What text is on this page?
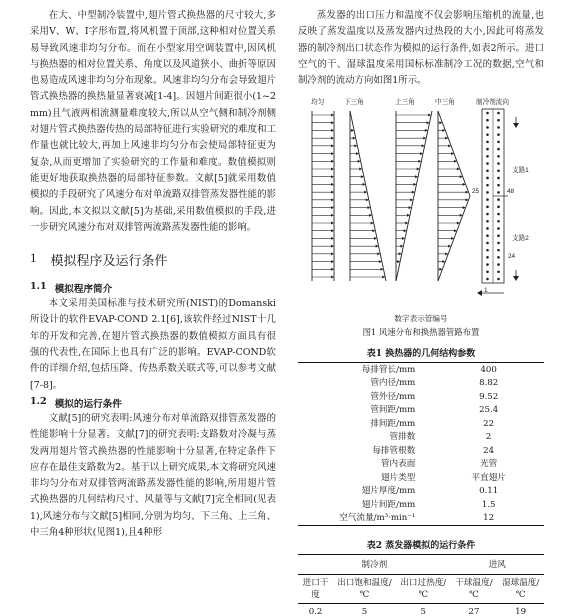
在大、中型制冷装置中,翅片管式换热器的尺寸较大,多采用V、W、I字形布置,将风机置于顶部,这种相对位置关系易导致风速非均匀分布。而在小型家用空调装置中,因风机与换热器的相对位置关系、角度以及风道狭小、曲折等原因也易造成风速非均匀分布现象。风速非均匀分布会导致翅片管式换热器的换热量显著衰减[1-4]。因翅片间距很小(1~2 mm)且气液两相流测量难度较大,所以从空气侧和制冷剂侧对翅片管式换热器传热的局部特征进行实验研究的难度和工作量也就比较大,再加上风速非均匀分布会使局部特征更为复杂,从而更增加了实验研究的工作量和难度。数值模拟则能更好地获取换热器的局部特征参数。文献[5]就采用数值模拟的手段研究了风速分布对单流路双排管蒸发器性能的影响。因此,本文拟以文献[5]为基础,采用数值模拟的手段,进一步研究风速分布对双排管两流路蒸发器性能的影响。

1 模拟程序及运行条件
1.1 模拟程序简介

本文采用美国标准与技术研究所(NIST)的Domanski所设计的软件EVAP-COND 2.1[6],该软件经过NIST十几年的开发和完善,在翅片管式换热器的数值模拟方面具有很强的代表性,在国际上也具有广泛的影响。EVAP-COND软件的详细介绍,包括压降、传热系数关联式等,可以参考文献[7-8]。

1.2 模拟的运行条件

文献[5]的研究表明:风速分布对单流路双排管蒸发器的性能影响十分显著。文献[7]的研究表明:支路数对冷凝与蒸发两用翅片管式换热器的性能影响十分显著,在特定条件下应存在最佳支路数为2。基于以上研究成果,本文将研究风速非均匀分布对双排管两流路蒸发器性能的影响,所用翅片管式换热器的几何结构尺寸、风量等与文献[7]完全相同(见表1),风速分布与文献[5]相同,分别为均匀、下三角、上三角、中三角4种形状(见图1),且4种形

蒸发器的出口压力和温度不仅会影响压缩机的流量,也反映了蒸发温度以及蒸发器内过热段的大小,因此可将蒸发器的制冷剂出口状态作为模拟的运行条件,如表2所示。进口空气的干、湿球温度采用国标标准制冷工况的数据,空气和制冷剂的流动方向如图1所示。

均匀	下三角	上三角	中三角	制冷剂流向
支路1
支路2
1
24
25	48
数字表示管编号
图1 风速分布和换热器管路布置
表1 换热器的几何结构参数
每排管长/mm	400
管内径/mm	8.82
管外径/mm	9.52
管间距/mm	25.4
排间距/mm	22
管排数	2
每排管根数	24
管内表面	光管
翅片类型	平直翅片
翅片厚度/mm	0.11
翅片间距/mm	1.5
空气流量/m³·min⁻¹	12
表2 蒸发器模拟的运行条件
制冷剂			进风	
进口干度	出口饱和温度/℃	出口过热度/℃	干球温度/℃	湿球温度/℃
0.2	5	5	27	19
